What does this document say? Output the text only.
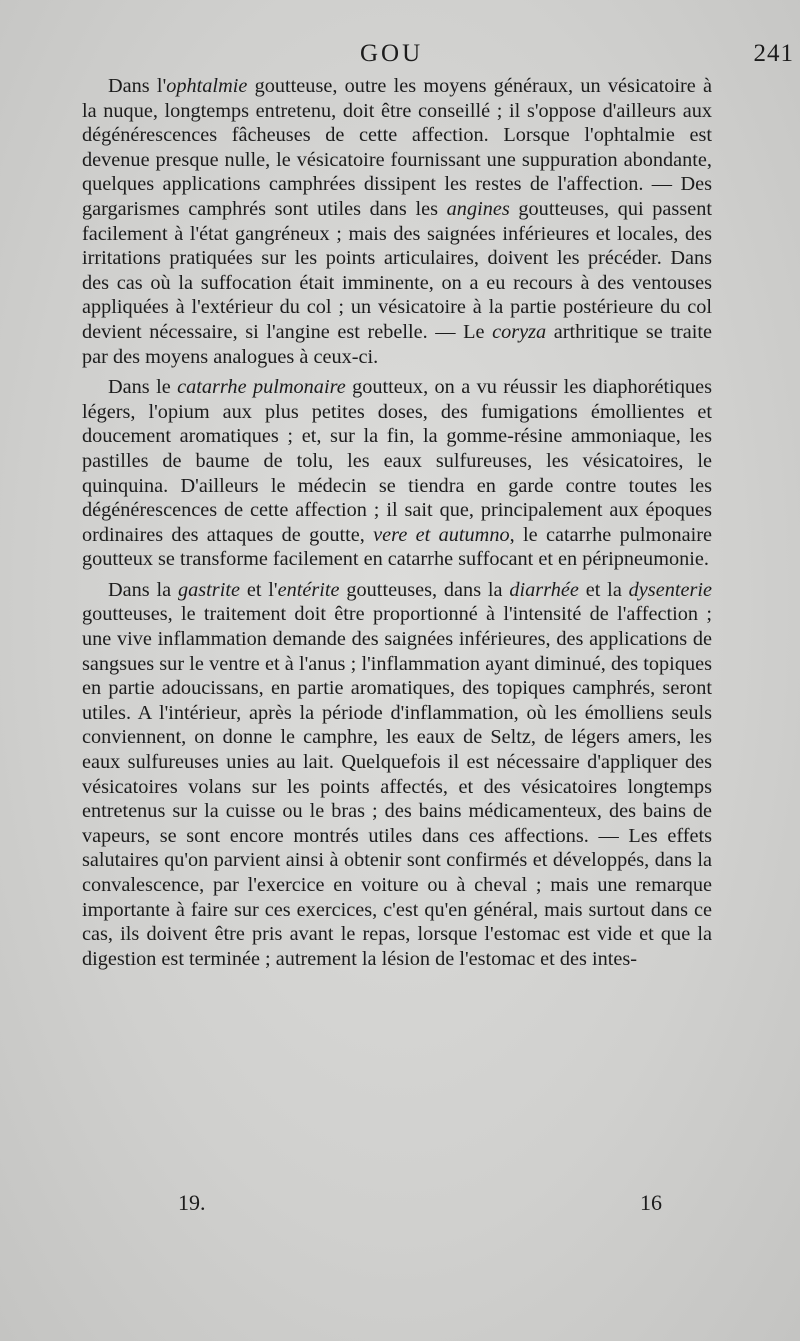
GOU	241

Dans l'ophtalmie goutteuse, outre les moyens généraux, un vésicatoire à la nuque, longtemps entretenu, doit être conseillé ; il s'oppose d'ailleurs aux dégénérescences fâcheuses de cette affection. Lorsque l'ophtalmie est devenue presque nulle, le vésicatoire fournissant une suppuration abondante, quelques applications camphrées dissipent les restes de l'affection. — Des gargarismes camphrés sont utiles dans les angines goutteuses, qui passent facilement à l'état gangréneux ; mais des saignées inférieures et locales, des irritations pratiquées sur les points articulaires, doivent les précéder. Dans des cas où la suffocation était imminente, on a eu recours à des ventouses appliquées à l'extérieur du col ; un vésicatoire à la partie postérieure du col devient nécessaire, si l'angine est rebelle. — Le coryza arthritique se traite par des moyens analogues à ceux-ci.

Dans le catarrhe pulmonaire goutteux, on a vu réussir les diaphorétiques légers, l'opium aux plus petites doses, des fumigations émollientes et doucement aromatiques ; et, sur la fin, la gomme-résine ammoniaque, les pastilles de baume de tolu, les eaux sulfureuses, les vésicatoires, le quinquina. D'ailleurs le médecin se tiendra en garde contre toutes les dégénérescences de cette affection ; il sait que, principalement aux époques ordinaires des attaques de goutte, vere et autumno, le catarrhe pulmonaire goutteux se transforme facilement en catarrhe suffocant et en péripneumonie.

Dans la gastrite et l'entérite goutteuses, dans la diarrhée et la dysenterie goutteuses, le traitement doit être proportionné à l'intensité de l'affection ; une vive inflammation demande des saignées inférieures, des applications de sangsues sur le ventre et à l'anus ; l'inflammation ayant diminué, des topiques en partie adoucissans, en partie aromatiques, des topiques camphrés, seront utiles. A l'intérieur, après la période d'inflammation, où les émolliens seuls conviennent, on donne le camphre, les eaux de Seltz, de légers amers, les eaux sulfureuses unies au lait. Quelquefois il est nécessaire d'appliquer des vésicatoires volans sur les points affectés, et des vésicatoires longtemps entretenus sur la cuisse ou le bras ; des bains médicamenteux, des bains de vapeurs, se sont encore montrés utiles dans ces affections. — Les effets salutaires qu'on parvient ainsi à obtenir sont confirmés et développés, dans la convalescence, par l'exercice en voiture ou à cheval ; mais une remarque importante à faire sur ces exercices, c'est qu'en général, mais surtout dans ce cas, ils doivent être pris avant le repas, lorsque l'estomac est vide et que la digestion est terminée ; autrement la lésion de l'estomac et des intes-

19.	16
